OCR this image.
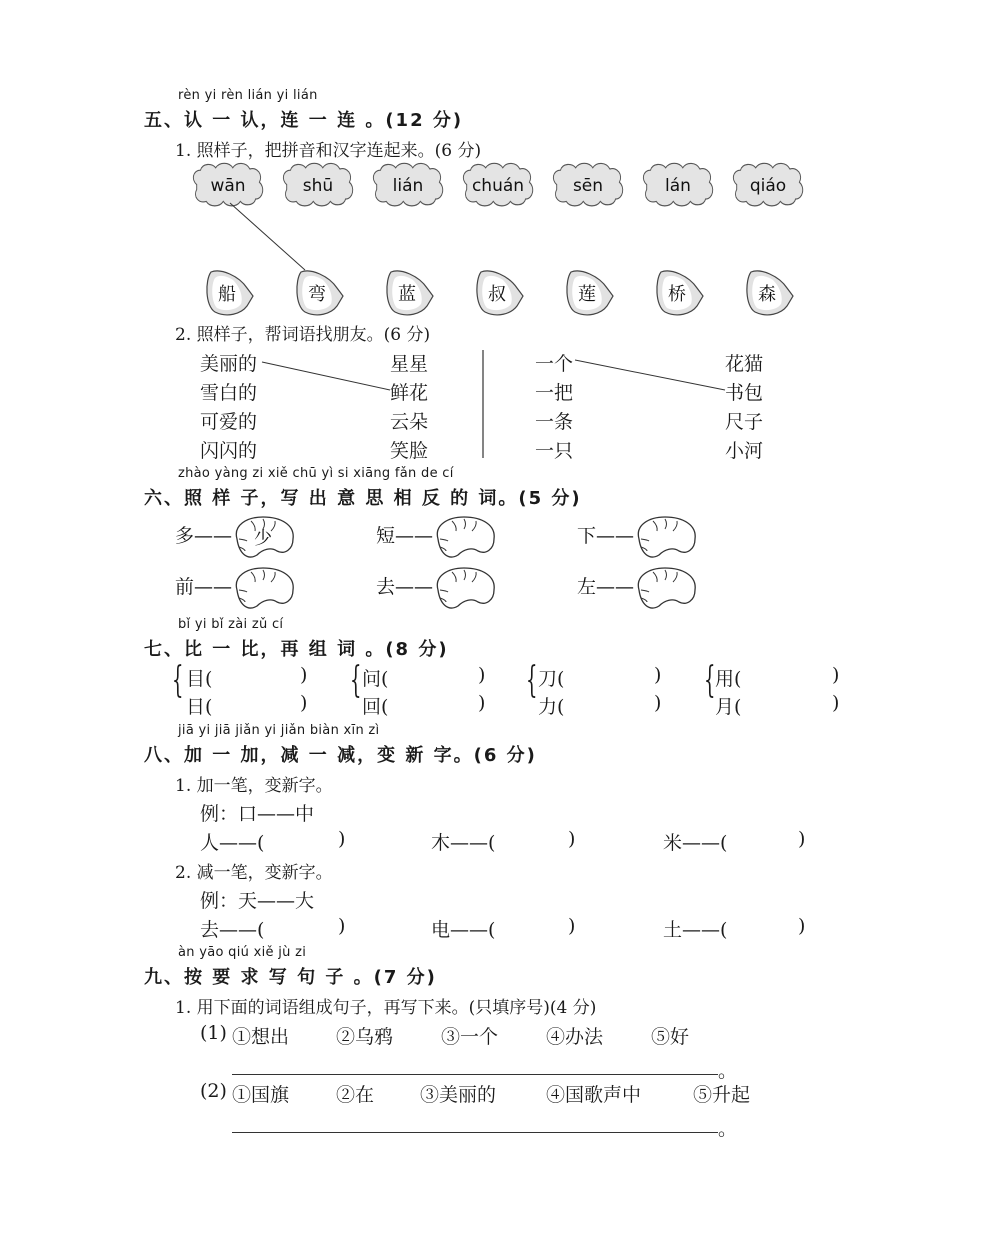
rèn yi rèn lián yi lián
五、认 一 认，连 一 连 。(12 分)
1. 照样子，把拼音和汉字连起来。(6 分)
wān	shū	lián	chuán	sēn	lán	qiáo
船	弯	蓝	叔	莲	桥	森
2. 照样子，帮词语找朋友。(6 分)
美丽的
雪白的
可爱的
闪闪的
星星
鲜花
云朵
笑脸
一个
一把
一条
一只
花猫
书包
尺子
小河
zhào yàng zi xiě chū yì si xiāng fǎn de cí
六、照 样 子，写 出 意 思 相 反 的 词。(5 分)
多—— 少	短——	下——
前——	去——	左——
bǐ yi bǐ zài zǔ cí
七、比 一 比，再 组 词 。(8 分)
{ 目(	)
日(	)
{ 问(	)
回(	)
{ 刀(	)
力(	)
{ 用(	)
月(	)
jiā yi jiā jiǎn yi jiǎn biàn xīn zì
八、加 一 加，减 一 减，变 新 字。(6 分)
1. 加一笔，变新字。
例：口——中
人——(	)	木——(	)	米——(	)
2. 减一笔，变新字。
例：天——大
去——(	)	电——(	)	土——(	)
àn yāo qiú xiě jù zi
九、按 要 求 写 句 子 。(7 分)
1. 用下面的词语组成句子，再写下来。(只填序号)(4 分)
(1) ①想出 ②乌鸦	③一个	④办法	⑤好
。
(2) ①国旗 ②在 ③美丽的	④国歌声中	⑤升起
。
